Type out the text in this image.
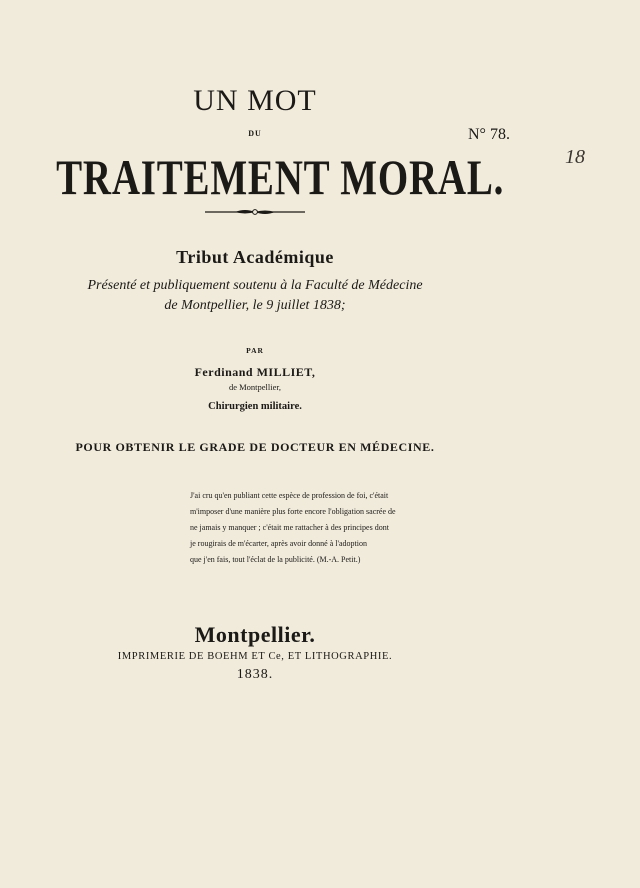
UN MOT
DU
TRAITEMENT MORAL.
N° 78.
18
Tribut Académique
Présenté et publiquement soutenu à la Faculté de Médecine
de Montpellier, le 9 juillet 1838;
PAR
Ferdinand MILLIET,
de Montpellier,
Chirurgien militaire.
POUR OBTENIR LE GRADE DE DOCTEUR EN MÉDECINE.
J'ai cru qu'en publiant cette espèce de profession de foi, c'était
m'imposer d'une manière plus forte encore l'obligation sacrée de
ne jamais y manquer ; c'était me rattacher à des principes dont
je rougirais de m'écarter, après avoir donné à l'adoption
que j'en fais, tout l'éclat de la publicité. (M.-A. Petit.)
Montpellier.
IMPRIMERIE DE BOEHM ET Ce, ET LITHOGRAPHIE.
1838.
